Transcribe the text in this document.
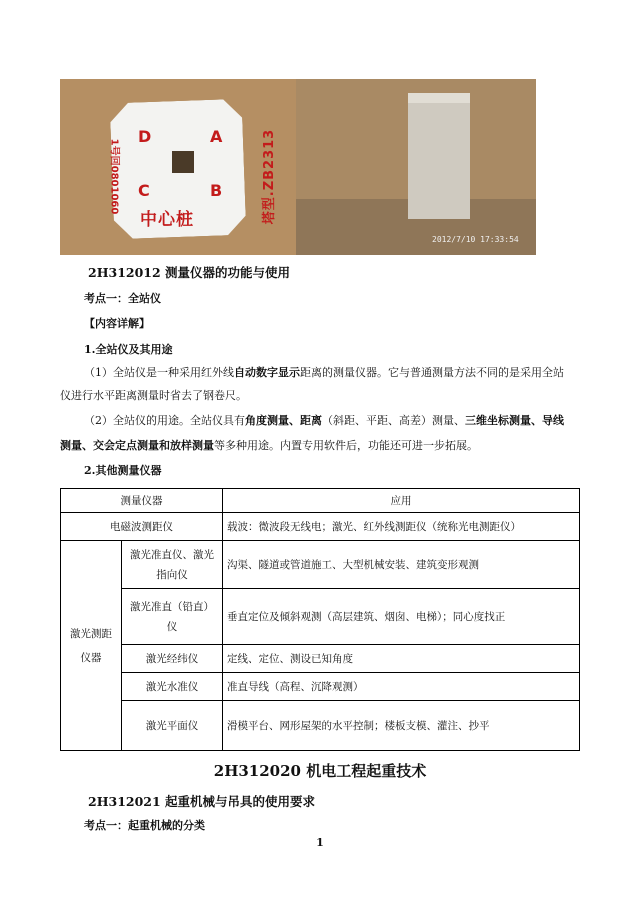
D	A
C	B
1号回0801060	塔型.ZB2313
中心桩
2012/7/10 17:33:54
2H312012 测量仪器的功能与使用
考点一：全站仪
【内容详解】
1.全站仪及其用途
（1）全站仪是一种采用红外线自动数字显示距离的测量仪器。它与普通测量方法不同的是采用全站
仪进行水平距离测量时省去了钢卷尺。
（2）全站仪的用途。全站仪具有角度测量、距离（斜距、平距、高差）测量、三维坐标测量、导线
测量、交会定点测量和放样测量等多种用途。内置专用软件后，功能还可进一步拓展。
2.其他测量仪器
测量仪器		应用
电磁波测距仪		载波：微波段无线电；激光、红外线测距仪（统称光电测距仪）
激光测距仪器	激光准直仪、激光指向仪	沟渠、隧道或管道施工、大型机械安装、建筑变形观测
	激光准直（铅直）仪	垂直定位及倾斜观测（高层建筑、烟囱、电梯）；同心度找正
	激光经纬仪	定线、定位、测设已知角度
	激光水准仪	准直导线（高程、沉降观测）
	激光平面仪	滑模平台、网形屋架的水平控制；楼板支模、灌注、抄平
2H312020 机电工程起重技术
2H312021 起重机械与吊具的使用要求
考点一：起重机械的分类
1
